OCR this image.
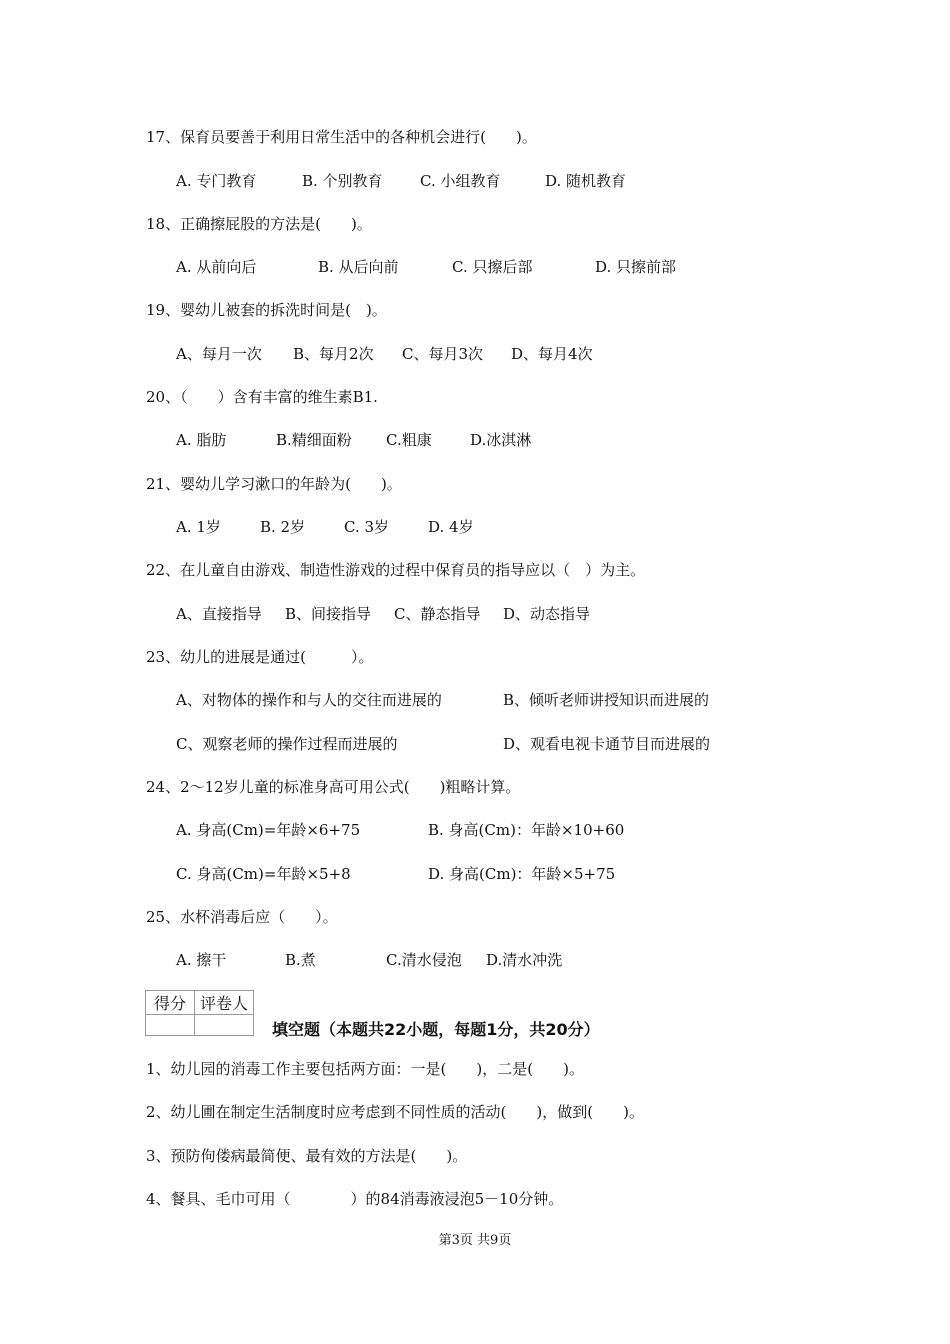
17、保育员要善于利用日常生活中的各种机会进行(　　)。

A. 专门教育

	B. 个别教育

C. 小组教育

	D. 随机教育

18、正确擦屁股的方法是(　　)。

A. 从前向后

	B. 从后向前

	C. 只擦后部

	D. 只擦前部

19、婴幼儿被套的拆洗时间是(　)。

A、每月一次

B、每月2次

C、每月3次

D、每月4次

20、（　　）含有丰富的维生素B1.

A. 脂肪

	B.精细面粉

C.粗康

	D.冰淇淋

21、婴幼儿学习漱口的年龄为(　　)。

A. 1岁

	B. 2岁

	C. 3岁

	D. 4岁

22、在儿童自由游戏、制造性游戏的过程中保育员的指导应以（　）为主。

A、直接指导

B、间接指导

C、静态指导

D、动态指导

23、幼儿的进展是通过(　　　）。

A、对物体的操作和与人的交往而进展的

	B、倾听老师讲授知识而进展的

C、观察老师的操作过程而进展的

	D、观看电视卡通节目而进展的

24、2～12岁儿童的标准身高可用公式(　　)粗略计算。

A. 身高(Cm)=年龄×6+75

	B. 身高(Cm)：年龄×10+60

C. 身高(Cm)=年龄×5+8

	D. 身高(Cm)：年龄×5+75

25、水杯消毒后应（　　）。

A. 擦干

	B.煮

	C.清水侵泡

D.清水冲洗

得分	评卷人

填空题（本题共22小题，每题1分，共20分）
1、幼儿园的消毒工作主要包括两方面：一是(　　)，二是(　　)。
2、幼儿圃在制定生活制度时应考虑到不同性质的活动(　　)，做到(　　)。
3、预防佝偻病最简便、最有效的方法是(　　)。
4、餐具、毛巾可用（　　　　）的84消毒液浸泡5－10分钟。
第3页 共9页
